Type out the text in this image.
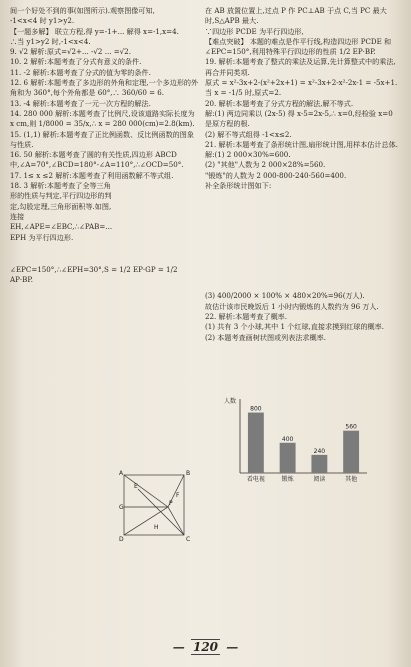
间一个好处不到的事(如图所示).观察图像可知,

-1<x<4 时 y1>y2.

【一题多解】 联立方程,得 y=-1+... 解得 x=-1,x=4.

∴当 y1>y2 时,-1<x<4.

9. √2 解析:原式=√2+... -√2 ... =√2.

10. 2 解析:本题考查了分式有意义的条件.

11. -2 解析:本题考查了分式的值为零的条件.

12. 6 解析:本题考查了多边形的外角和定理,一个多边形的外角和为 360°,每个外角都是 60°,∴ 360/60 = 6.

13. -4 解析:本题考查了一元一次方程的解法.

14. 280 000 解析:本题考查了比例尺,设该道路实际长度为 x cm,则 1/8000 = 35/x,∴ x = 280 000(cm)=2.8(km).

15. (1,1) 解析:本题考查了正比例函数、反比例函数的图象与性质.

16. 50 解析:本题考查了圆的有关性质,四边形 ABCD 中,∠A=70°,∠BCD=180°-∠A=110°,∴∠OCD=50°.

17. 1≤ x ≤2 解析:本题考查了利用函数解不等式组.

18. 3 解析:本题考查了全等三角形的性质与判定,平行四边形的判定,勾股定理,三角形面积等.如图,连接 EH,∠APE=∠EBC,∴∠PAB=... EPH 为平行四边形.

∠EPC=150°,∴∠EPH=30°,S = 1/2 EP·GP = 1/2 AP·BP.

A	B
C
D
E
G
P
H
F

在 AB 放置位置上,过点 P 作 PC⊥AB 于点 C,当 PC 最大时,S△APB 最大.

∵四边形 PCDE 为平行四边形,

【难点突破】 本题的难点是作平行线,构造四边形 PCDE 和 ∠EPC=150°,利用特殊平行四边形的性质 1/2 EP·BP.

19. 解析:本题考查了整式的乘法及运算,先计算整式中的乘法,再合并同类项.

原式 = x²-3x+2-(x²+2x+1) = x²-3x+2-x²-2x-1 = -5x+1.

当 x = -1/5 时,原式=2.

20. 解析:本题考查了分式方程的解法,解不等式.

解:(1) 两边同乘以 (2x-5) 得 x-5=2x-5,∴ x=0,经检验 x=0 是原方程的根.

(2) 解不等式组得 -1<x≤2.

21. 解析:本题考查了条形统计图,扇形统计图,用样本估计总体.

解:(1) 2 000×30%=600.

(2) "其他"人数为 2 000×28%=560.

"锻炼"的人数为 2 000-800-240-560=400.

补全条形统计图如下:

(3) 400/2000 × 100% × 480×20%=96(万人).

故估计该市民晚饭后 1 小时内锻炼的人数约为 96 万人.

22. 解析:本题考查了概率.

(1) 共有 3 个小球,其中 1 个红球,直接求摸到红球的概率.

(2) 本题考查画树状图或列表法求概率.

人数
800
看电视
400
锻炼
240
阅读
560
其他
— 120 —
